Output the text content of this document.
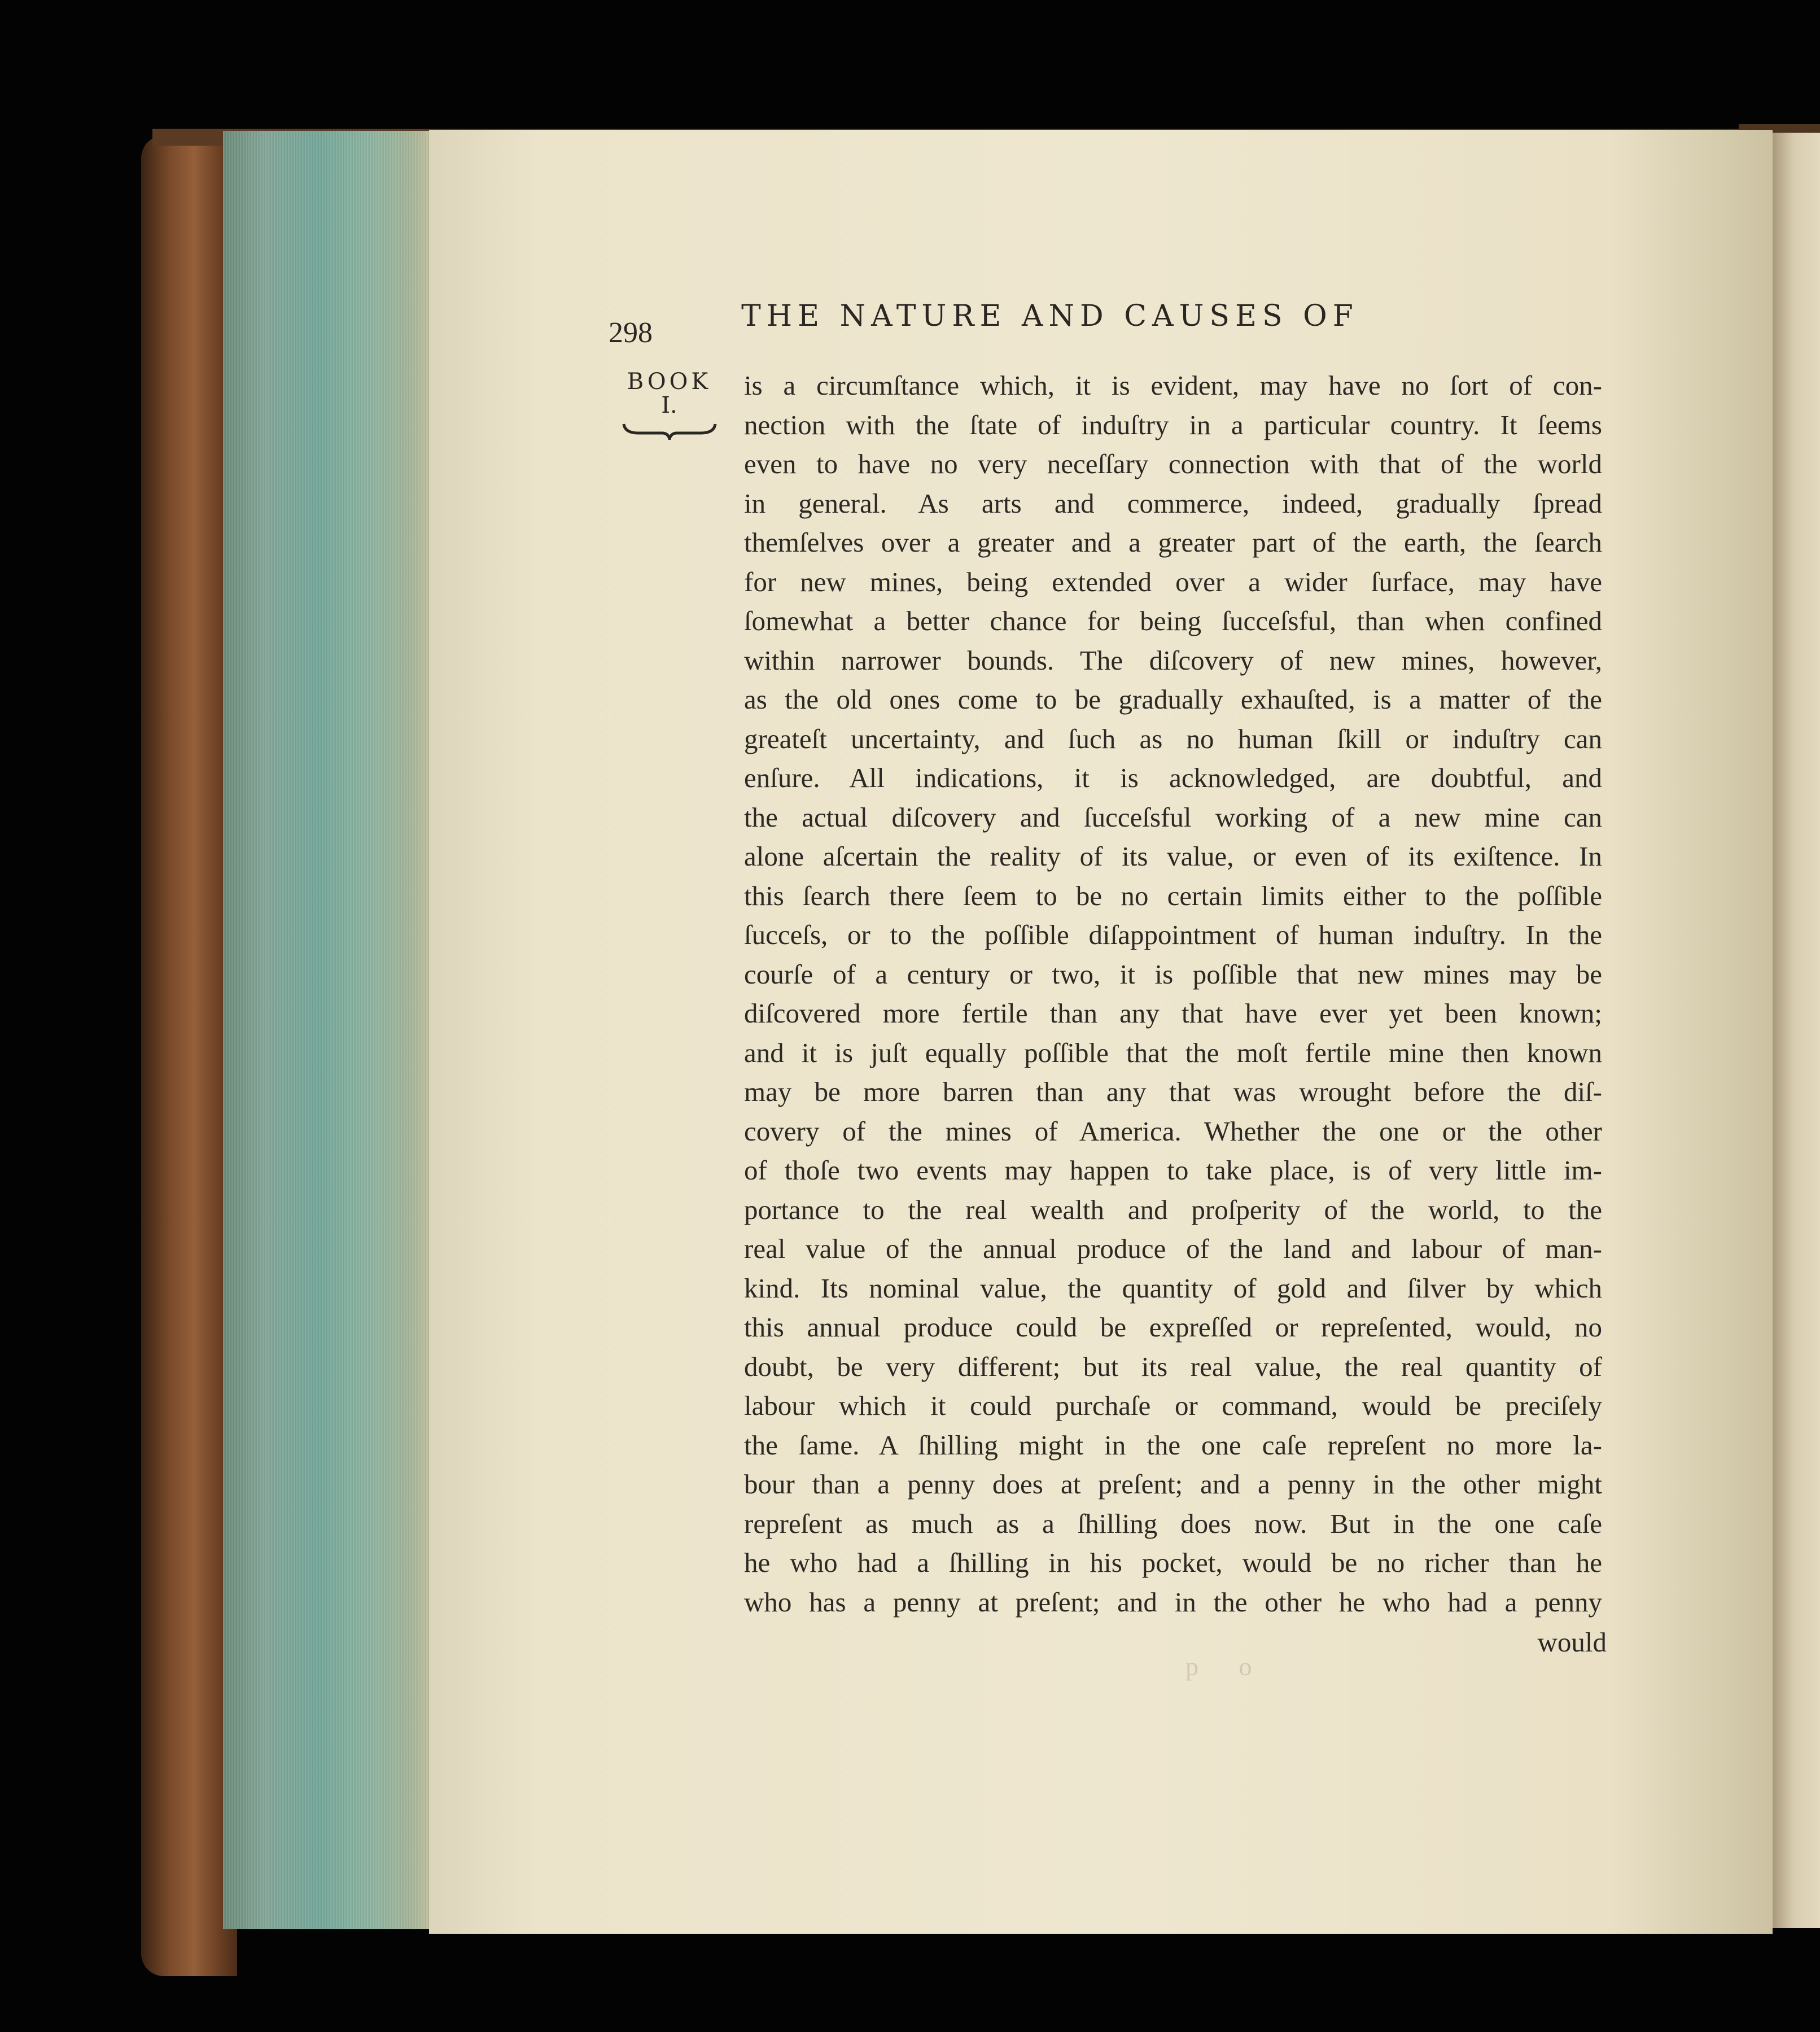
298	THE NATURE AND CAUSES OF
BOOK
I.
is a circumſtance which, it is evident, may have no ſort of con-
nection with the ſtate of induſtry in a particular country. It ſeems
even to have no very neceſſary connection with that of the world
in general. As arts and commerce, indeed, gradually ſpread
themſelves over a greater and a greater part of the earth, the ſearch
for new mines, being extended over a wider ſurface, may have
ſomewhat a better chance for being ſucceſsful, than when confined
within narrower bounds. The diſcovery of new mines, however,
as the old ones come to be gradually exhauſted, is a matter of the
greateſt uncertainty, and ſuch as no human ſkill or induſtry can
enſure. All indications, it is acknowledged, are doubtful, and
the actual diſcovery and ſucceſsful working of a new mine can
alone aſcertain the reality of its value, or even of its exiſtence. In
this ſearch there ſeem to be no certain limits either to the poſſible
ſucceſs, or to the poſſible diſappointment of human induſtry. In the
courſe of a century or two, it is poſſible that new mines may be
diſcovered more fertile than any that have ever yet been known;
and it is juſt equally poſſible that the moſt fertile mine then known
may be more barren than any that was wrought before the diſ-
covery of the mines of America. Whether the one or the other
of thoſe two events may happen to take place, is of very little im-
portance to the real wealth and proſperity of the world, to the
real value of the annual produce of the land and labour of man-
kind. Its nominal value, the quantity of gold and ſilver by which
this annual produce could be expreſſed or repreſented, would, no
doubt, be very different; but its real value, the real quantity of
labour which it could purchaſe or command, would be preciſely
the ſame. A ſhilling might in the one caſe repreſent no more la-
bour than a penny does at preſent; and a penny in the other might
repreſent as much as a ſhilling does now. But in the one caſe
he who had a ſhilling in his pocket, would be no richer than he
who has a penny at preſent; and in the other he who had a penny
would
p o
